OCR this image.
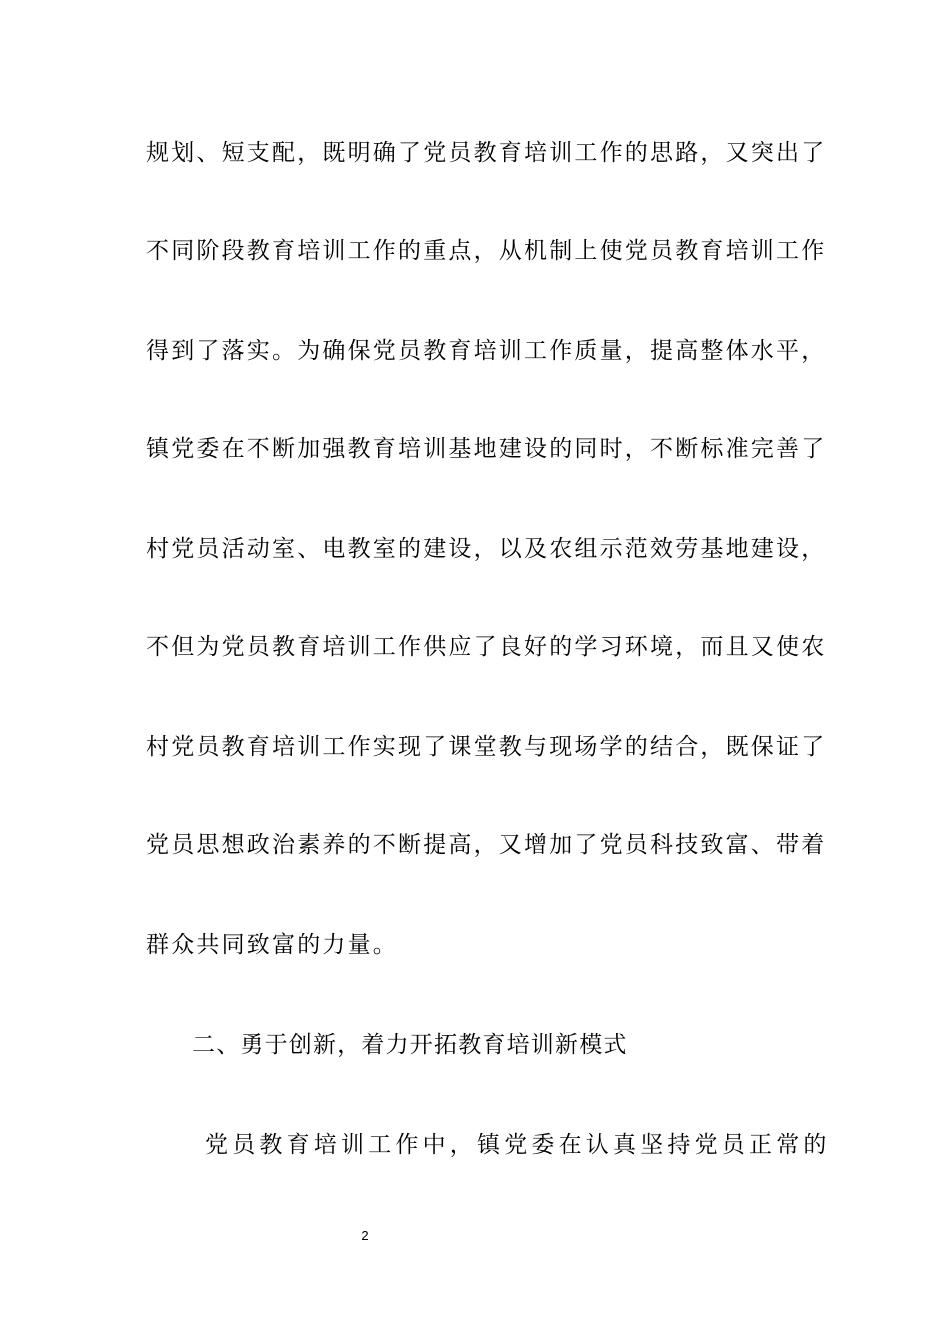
规划、短支配，既明确了党员教育培训工作的思路，又突出了
不同阶段教育培训工作的重点，从机制上使党员教育培训工作
得到了落实。为确保党员教育培训工作质量，提高整体水平，
镇党委在不断加强教育培训基地建设的同时，不断标准完善了
村党员活动室、电教室的建设，以及农组示范效劳基地建设，
不但为党员教育培训工作供应了良好的学习环境，而且又使农
村党员教育培训工作实现了课堂教与现场学的结合，既保证了
党员思想政治素养的不断提高，又增加了党员科技致富、带着
群众共同致富的力量。
二、勇于创新，着力开拓教育培训新模式
党员教育培训工作中，镇党委在认真坚持党员正常的
2
